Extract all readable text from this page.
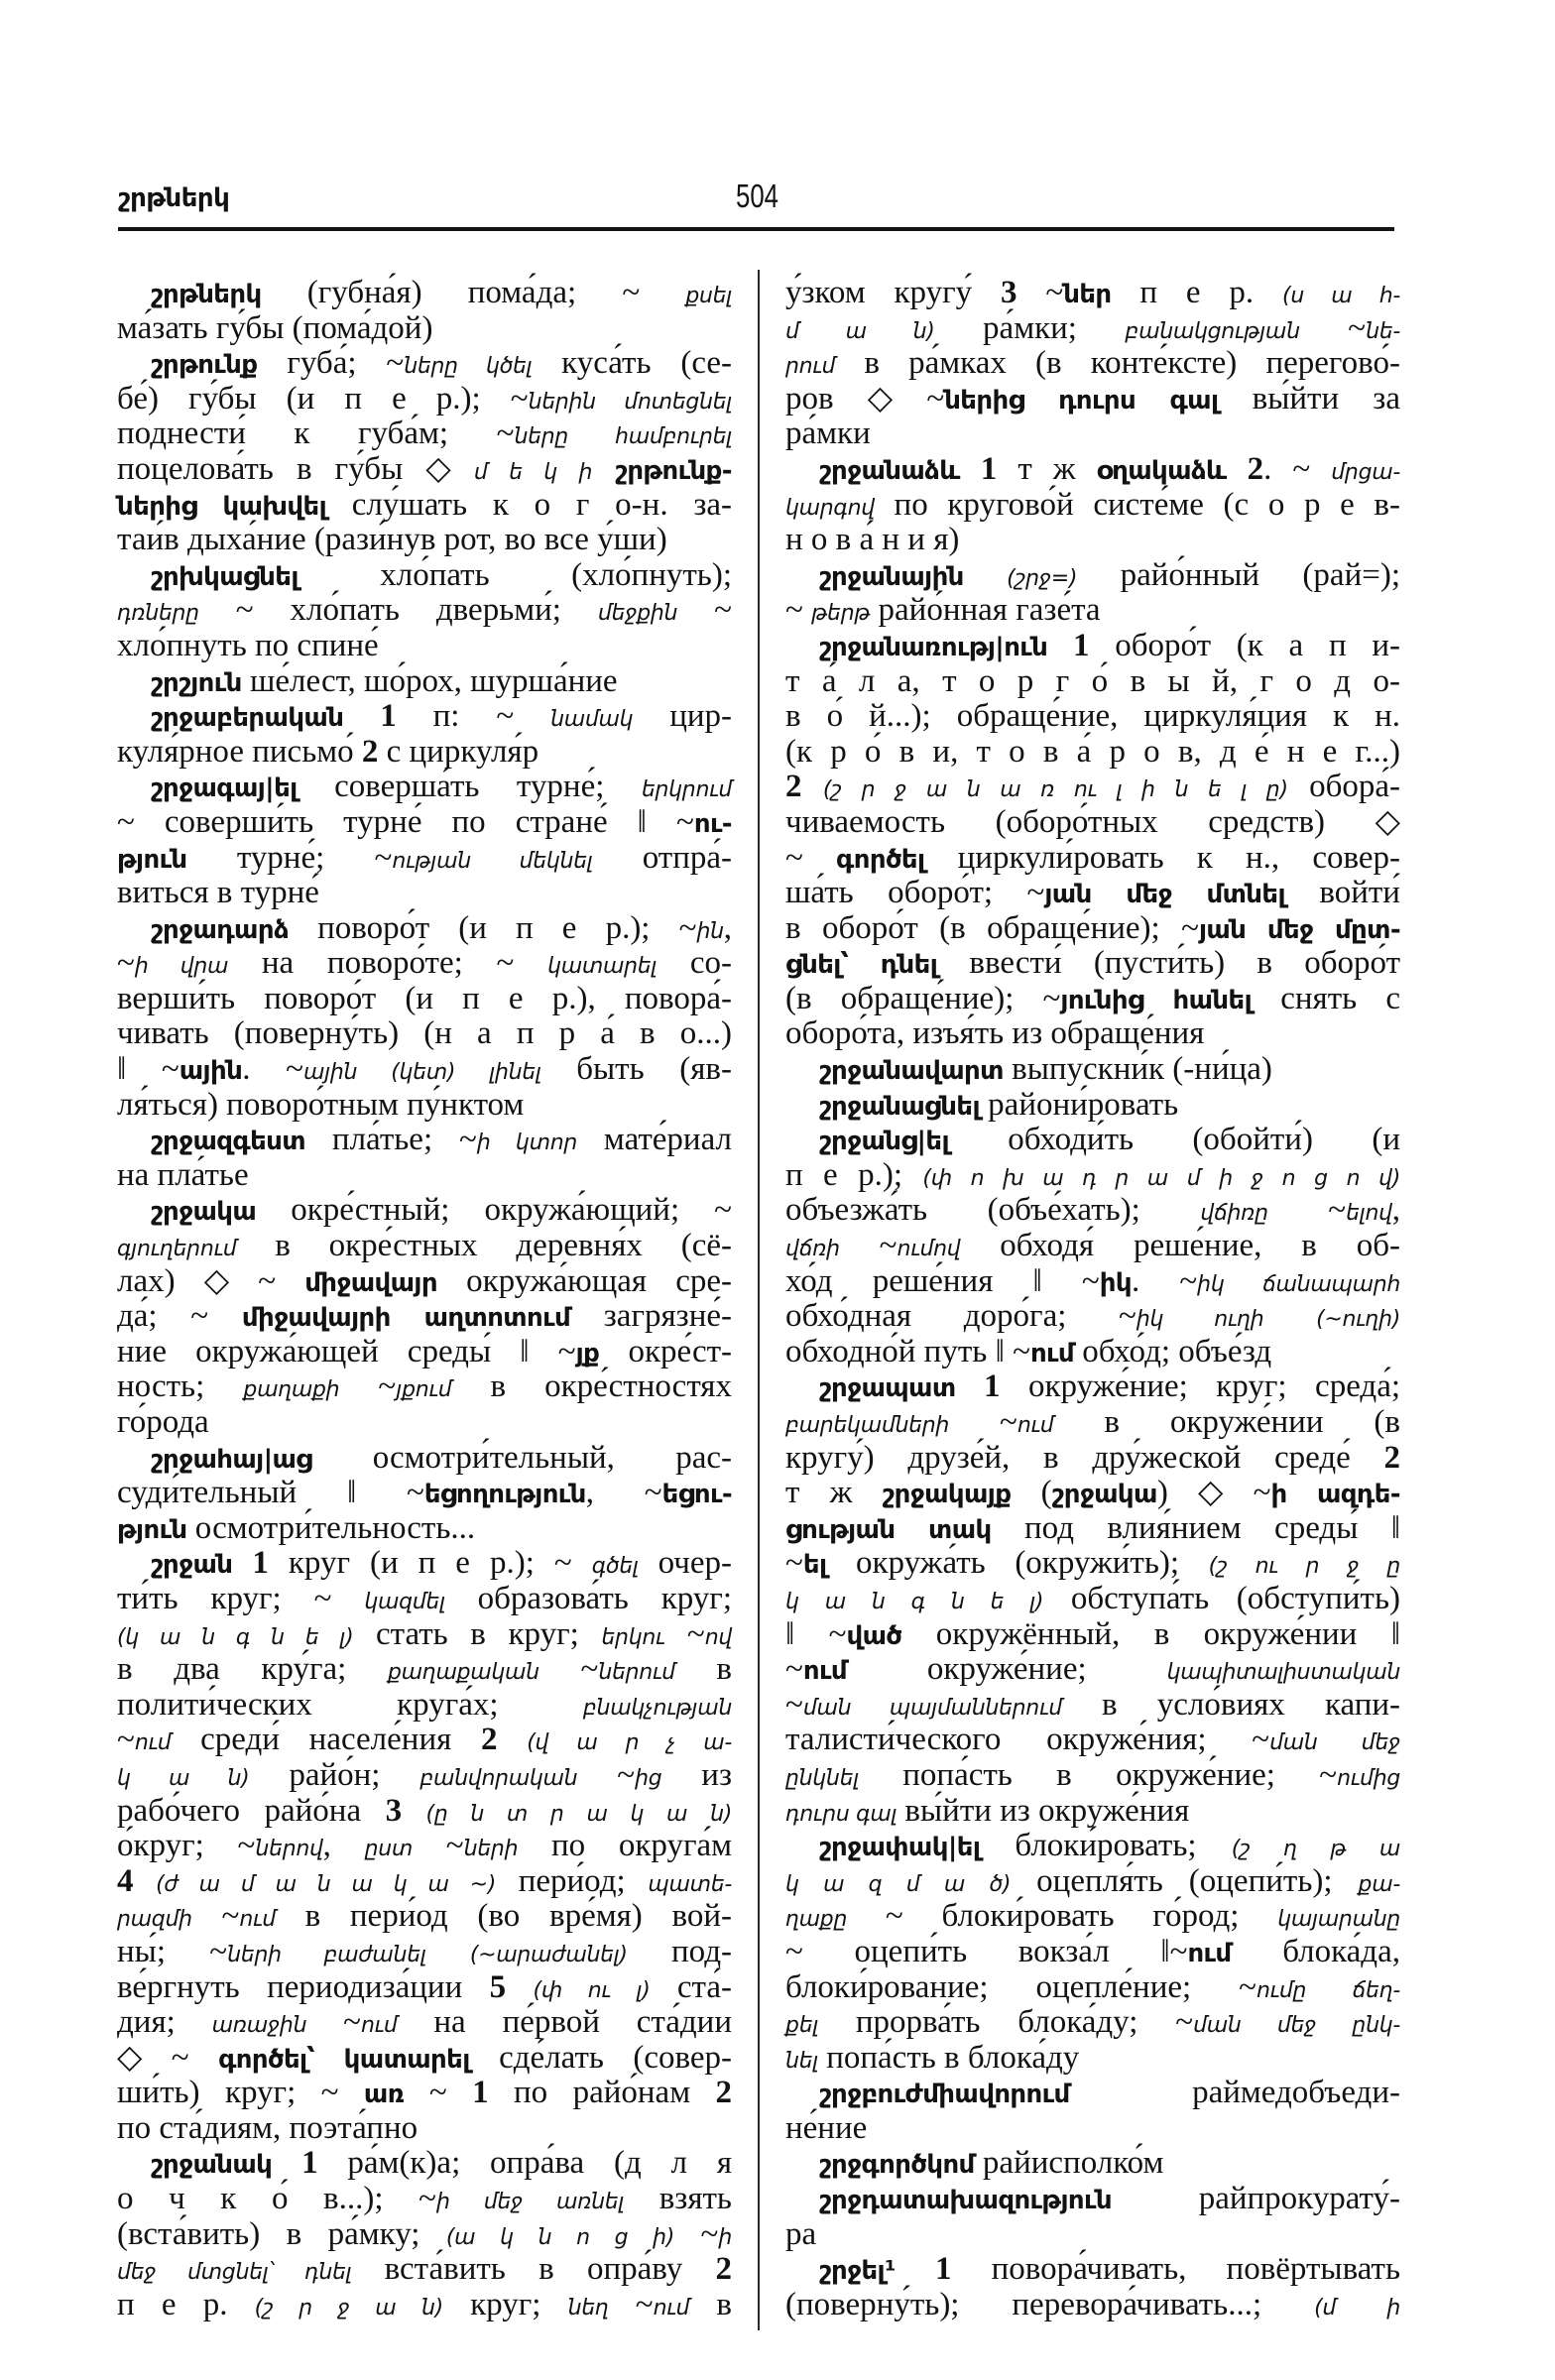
շրթներկ	504
շրթներկ (губна́я) пома́да; ~ քսել
ма́зать гу́бы (пома́дой)
շրթունք губа́; ~ները կծել куса́ть (се-
бе́) гу́бы (и п е р.); ~ներին մոտեցնել
поднести́ к губа́м; ~ները համբուրել
поцелова́ть в гу́бы ◇ մ ե կ ի շրթունք-
ներից կախվել слу́шать к о г о-н. за-
таи́в дыха́ние (рази́нув рот, во все у́ши)
շրխկացնել хло́пать (хло́пнуть);
դռները ~ хло́пать дверьми́; մեջքին ~
хло́пнуть по спине́
շրշյուն ше́лест, шо́рох, шурша́ние
շրջաբերական 1 п: ~ նամակ цир-
куля́рное письмо́ 2 с циркуля́р
շրջագայ|ել соверша́ть турне́; երկրում
~ соверши́ть турне́ по стране́ ‖ ~ու-
թյուն турне́; ~ության մեկնել отпра́-
виться в турне́
շրջադարձ поворо́т (и п е р.); ~ին,
~ի վրա на поворо́те; ~ կատարել со-
верши́ть поворо́т (и п е р.), повора́-
чивать (поверну́ть) (н а п р а́ в о...)
‖ ~ային. ~ային (կետ) լինել быть (яв-
ля́ться) поворо́тным пу́нктом
շրջազգեստ пла́тье; ~ի կտոր мате́риал
на пла́тье
շրջակա окре́стный; окружа́ющий; ~
գյուղերում в окре́стных деревня́х (сё-
лах) ◇ ~ միջավայր окружа́ющая сре-
да́; ~ միջավայրի աղտոտում загрязне́-
ние окружа́ющей среды́ ‖ ~յք окре́ст-
ность; քաղաքի ~յքում в окре́стностях
го́рода
շրջահայ|աց осмотри́тельный, рас-
суди́тельный ‖ ~եցողություն, ~եցու-
թյուն осмотри́тельность...
շրջան 1 круг (и п е р.); ~ գծել очер-
ти́ть круг; ~ կազմել образова́ть круг;
(կ ա ն գ ն ե լ) стать в круг; երկու ~ով
в два кру́га; քաղաքական ~ներում в
полити́ческих круга́х; բնակչության
~ում среди́ населе́ния 2 (վ ա ր չ ա-
կ ա ն) райо́н; բանվորական ~ից из
рабо́чего райо́на 3 (ը ն տ ր ա կ ա ն)
о́круг; ~ներով, ըստ ~ների по округа́м
4 (ժ ա մ ա ն ա կ ա ~) пери́од; պատե-
րազմի ~ում в пери́од (во вре́мя) вой-
ны́; ~ների բաժանել (~արաժանել) под-
ве́ргнуть периодиза́ции 5 (փ ու լ) ста́-
дия; առաջին ~ում на пе́рвой ста́дии
◇ ~ գործել՝ կատարել сде́лать (совер-
ши́ть) круг; ~ առ ~ 1 по райо́нам 2
по ста́диям, поэта́пно
շրջանակ 1 ра́м(к)а; опра́ва (д л я
о ч к о́ в...); ~ի մեջ առնել взять
(вста́вить) в ра́мку; (ա կ ն ո ց ի) ~ի
մեջ մտցնել՝ դնել вста́вить в опра́ву 2
п е р. (շ ր ջ ա ն) круг; նեղ ~ում в
у́зком кругу́ 3 ~ներ п е р. (ս ա հ-
մ ա ն) ра́мки; բանակցության ~նե-
րում в ра́мках (в конте́ксте) перегово́-
ров ◇ ~ներից դուրս գալ вы́йти за
ра́мки
շրջանաձև 1 т ж օղակաձև 2. ~ մրցա-
կարգով по кругово́й систе́ме (с о р е в-
н о в а́ н и я)
շրջանային (շրջ=) райо́нный (рай=);
~ թերթ райо́нная газе́та
շրջանառությ|ուն 1 оборо́т (к а п и-
т а́ л а, т о р г о́ в ы й, г о д о-
в о́ й...); обраще́ние, циркуля́ция к н.
(к р о́ в и, т о в а́ р о в, д е́ н е г...)
2 (շ ր ջ ա ն ա ռ ու լ ի ն ե լ ը) обора́-
чиваемость (оборо́тных средств) ◇
~ գործել циркули́ровать к н., совер-
ша́ть оборо́т; ~յան մեջ մտնել войти́
в оборо́т (в обраще́ние); ~յան մեջ մըտ-
ցնել՝ դնել ввести́ (пусти́ть) в оборо́т
(в обраще́ние); ~յունից հանել снять с
оборо́та, изъя́ть из обраще́ния
շրջանավարտ выпускни́к (-ни́ца)
շրջանացնել райони́ровать
շրջանց|ել обходи́ть (обойти́) (и
п е р.); (փ ո խ ա դ ր ա մ ի ջ ո ց ո վ)
объезжа́ть (объе́хать); վճիռը ~ելով,
վճռի ~ումով обходя́ реше́ние, в об-
хо́д реше́ния ‖ ~իկ. ~իկ ճանապարհ
обхо́дная доро́га; ~իկ ուղի (~ուղի)
обходно́й путь ‖ ~ում обхо́д; объе́зд
շրջապատ 1 окруже́ние; круг; среда́;
բարեկամների ~ում в окруже́нии (в
кругу́) друзе́й, в дру́жеской среде́ 2
т ж շրջակայք (շրջակա) ◇ ~ի ազդե-
ցության տակ под влия́нием среды́ ‖
~ել окружа́ть (окружи́ть); (շ ու ր ջ ը
կ ա ն գ ն ե լ) обступа́ть (обступи́ть)
‖ ~ված окружённый, в окруже́нии ‖
~ում окруже́ние; կապիտալիստական
~ման պայմաններում в усло́виях капи-
талисти́ческого окруже́ния; ~ման մեջ
ընկնել попа́сть в окруже́ние; ~ումից
դուրս գալ вы́йти из окруже́ния
շրջափակ|ել блоки́ровать; (շ ղ թ ա
կ ա զ մ ա ծ) оцепля́ть (оцепи́ть); քա-
ղաքը ~ блоки́ровать го́род; կայարանը
~ оцепи́ть вокза́л ‖~ում блока́да,
блоки́рование; оцепле́ние; ~ումը ճեղ-
քել прорва́ть блока́ду; ~ման մեջ ընկ-
նել попа́сть в блока́ду
շրջբուժմիավորում раймедобъеди-
не́ние
շրջգործկոմ райисполко́м
շրջդատախազություն райпрокурату́-
ра
շրջել¹ 1 повора́чивать, повёртывать
(поверну́ть); перевора́чивать...; (մ ի
